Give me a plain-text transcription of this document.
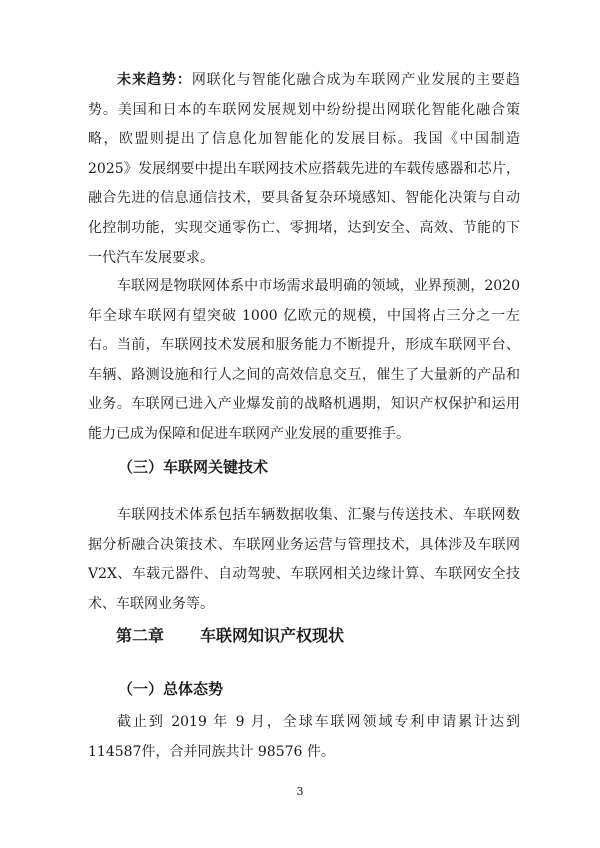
未来趋势：网联化与智能化融合成为车联网产业发展的主要趋势。美国和日本的车联网发展规划中纷纷提出网联化智能化融合策略，欧盟则提出了信息化加智能化的发展目标。我国《中国制造 2025》发展纲要中提出车联网技术应搭载先进的车载传感器和芯片，融合先进的信息通信技术，要具备复杂环境感知、智能化决策与自动化控制功能，实现交通零伤亡、零拥堵，达到安全、高效、节能的下一代汽车发展要求。

车联网是物联网体系中市场需求最明确的领域，业界预测，2020年全球车联网有望突破 1000 亿欧元的规模，中国将占三分之一左右。当前，车联网技术发展和服务能力不断提升，形成车联网平台、车辆、路测设施和行人之间的高效信息交互，催生了大量新的产品和业务。车联网已进入产业爆发前的战略机遇期，知识产权保护和运用能力已成为保障和促进车联网产业发展的重要推手。

（三）车联网关键技术

车联网技术体系包括车辆数据收集、汇聚与传送技术、车联网数据分析融合决策技术、车联网业务运营与管理技术，具体涉及车联网V2X、车载元器件、自动驾驶、车联网相关边缘计算、车联网安全技术、车联网业务等。

第二章 车联网知识产权现状
（一）总体态势

截止到 2019 年 9 月，全球车联网领域专利申请累计达到 114587件，合并同族共计 98576 件。

3
